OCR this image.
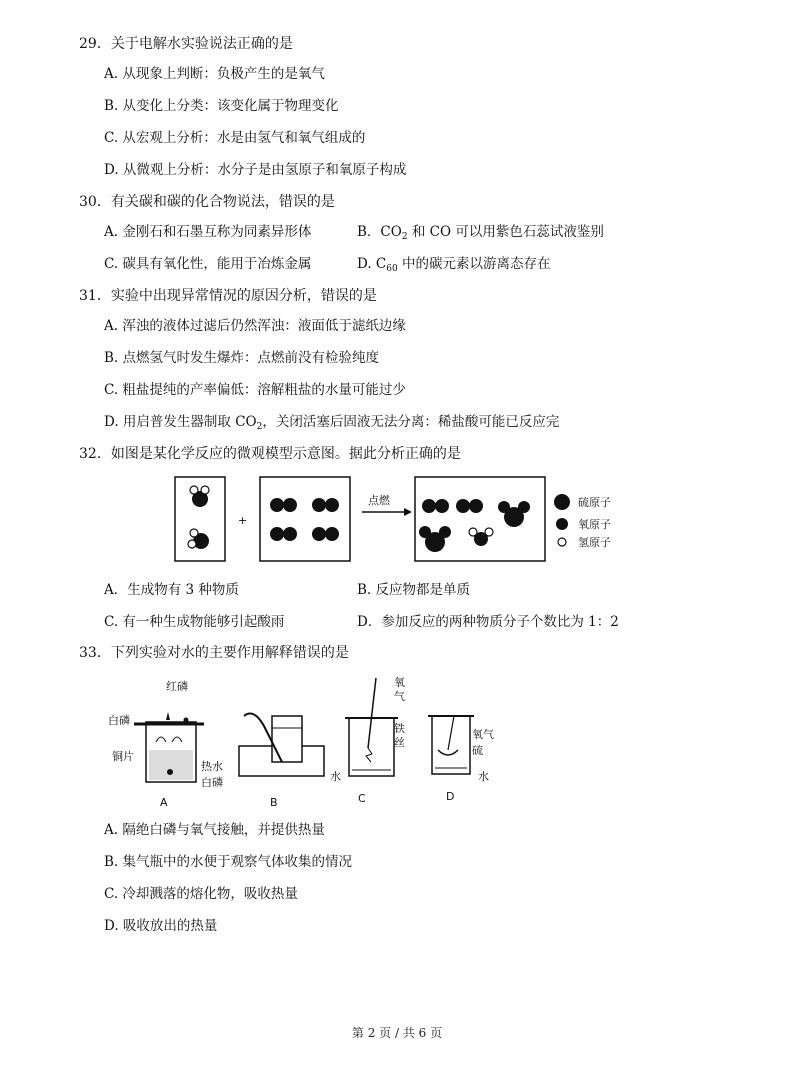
29．关于电解水实验说法正确的是
A. 从现象上判断：负极产生的是氧气
B. 从变化上分类：该变化属于物理变化
C. 从宏观上分析：水是由氢气和氧气组成的
D. 从微观上分析：水分子是由氢原子和氧原子构成
30．有关碳和碳的化合物说法，错误的是
A. 金刚石和石墨互称为同素异形体	B．$CO_2$ 和 CO 可以用紫色石蕊试液鉴别
C. 碳具有氧化性，能用于冶炼金属	D. $C_{60}$ 中的碳元素以游离态存在
31．实验中出现异常情况的原因分析，错误的是
A. 浑浊的液体过滤后仍然浑浊：液面低于滤纸边缘
B. 点燃氢气时发生爆炸：点燃前没有检验纯度
C. 粗盐提纯的产率偏低：溶解粗盐的水量可能过少
D. 用启普发生器制取 $CO_2$，关闭活塞后固液无法分离：稀盐酸可能已反应完
32．如图是某化学反应的微观模型示意图。据此分析正确的是
+
点燃	硫原子
氧原子
氢原子
A．生成物有 3 种物质	B. 反应物都是单质
C. 有一种生成物能够引起酸雨	D．参加反应的两种物质分子个数比为 1：2
33．下列实验对水的主要作用解释错误的是
红磷
白磷
铜片
热水
白磷
A	B
氧
气
铁
丝
水
C
氧气
硫
水
D
A. 隔绝白磷与氧气接触，并提供热量
B. 集气瓶中的水便于观察气体收集的情况
C. 冷却溅落的熔化物，吸收热量
D. 吸收放出的热量
第 2 页 / 共 6 页
